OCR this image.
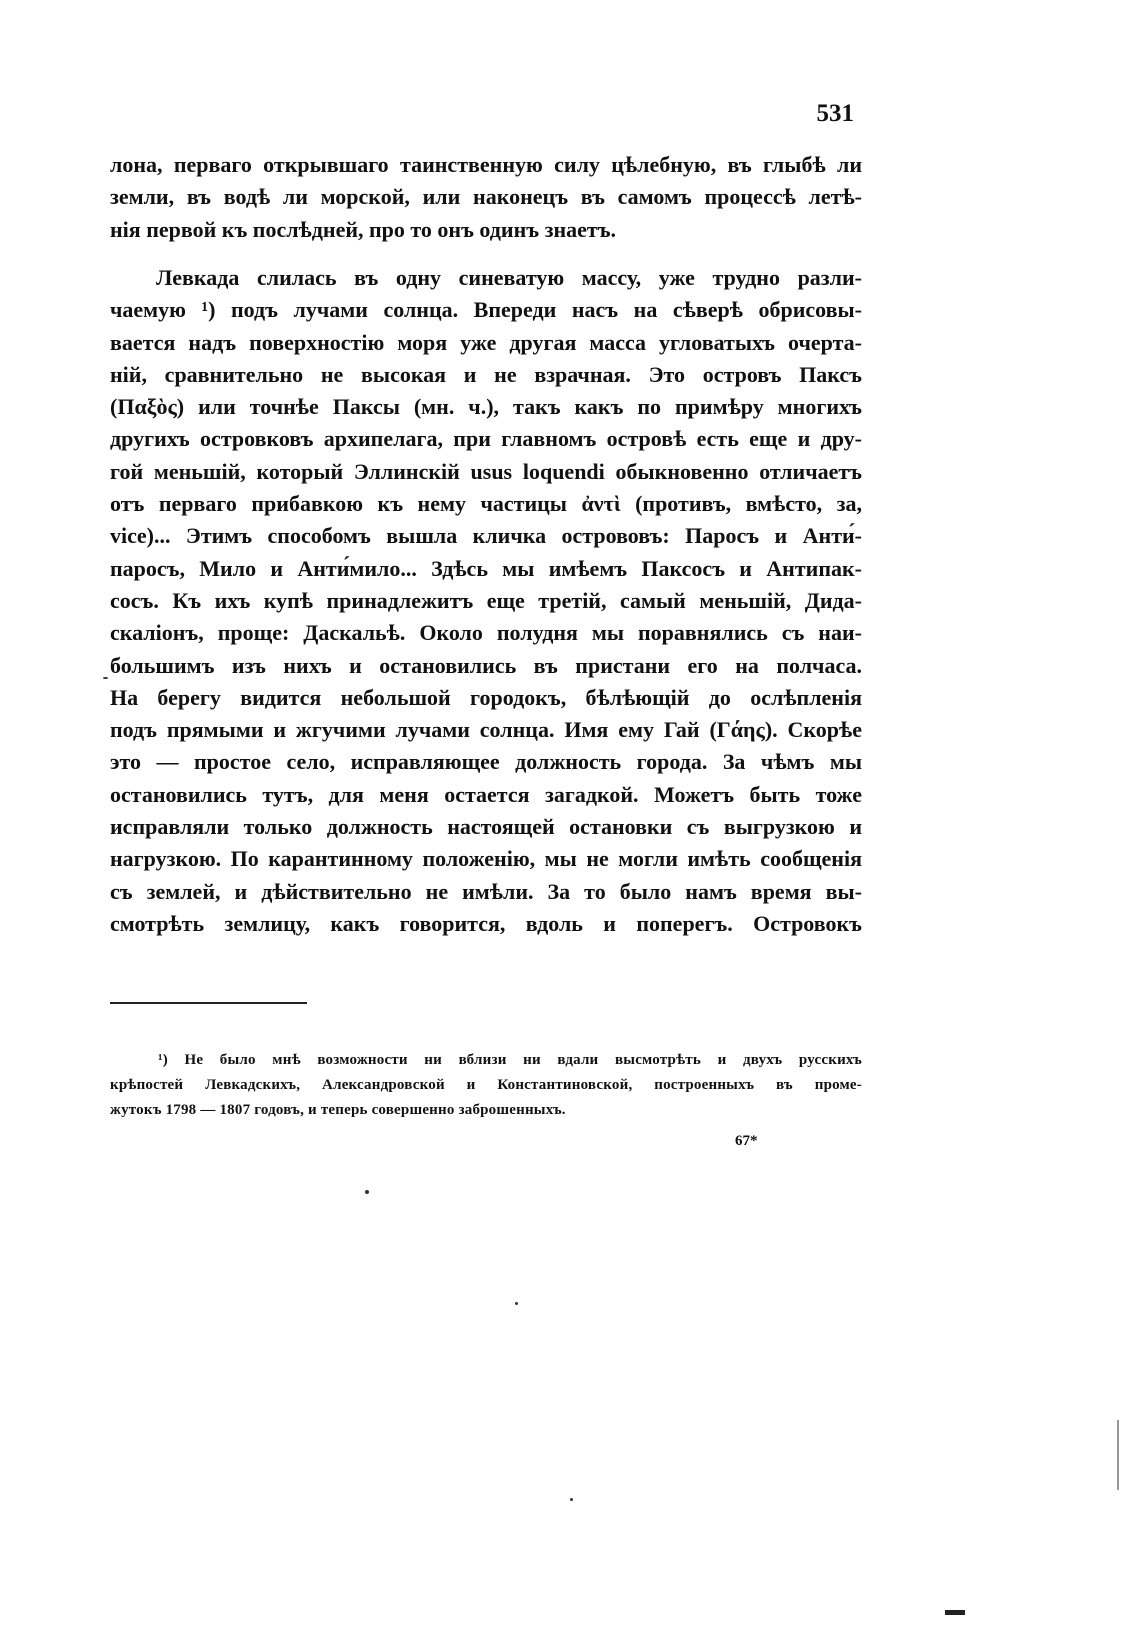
531
лона, перваго открывшаго таинственную силу цѣлебную, въ глыбѣ ли
земли, въ водѣ ли морской, или наконецъ въ самомъ процессѣ летѣ-
нія первой къ послѣдней, про то онъ одинъ знаетъ.
Левкада слилась въ одну синеватую массу, уже трудно разли-
чаемую ¹) подъ лучами солнца. Впереди насъ на сѣверѣ обрисовы-
вается надъ поверхностію моря уже другая масса угловатыхъ очерта-
ній, сравнительно не высокая и не взрачная. Это островъ Паксъ
(Παξὸς) или точнѣе Паксы (мн. ч.), такъ какъ по примѣру многихъ
другихъ островковъ архипелага, при главномъ островѣ есть еще и дру-
гой меньшій, который Эллинскій usus loquendi обыкновенно отличаетъ
отъ перваго прибавкою къ нему частицы ἀντὶ (противъ, вмѣсто, за,
vice)... Этимъ способомъ вышла кличка острововъ: Паросъ и Анти́-
паросъ, Мило и Анти́мило... Здѣсь мы имѣемъ Паксосъ и Антипак-
сосъ. Къ ихъ купѣ принадлежитъ еще третій, самый меньшій, Дида-
скаліонъ, проще: Даскальѣ. Около полудня мы поравнялись съ наи-
большимъ изъ нихъ и остановились въ пристани его на полчаса.
На берегу видится небольшой городокъ, бѣлѣющій до ослѣпленія
подъ прямыми и жгучими лучами солнца. Имя ему Гай (Γάης). Скорѣе
это — простое село, исправляющее должность города. За чѣмъ мы
остановились тутъ, для меня остается загадкой. Можетъ быть тоже
исправляли только должность настоящей остановки съ выгрузкою и
нагрузкою. По карантинному положенію, мы не могли имѣть сообщенія
съ землей, и дѣйствительно не имѣли. За то было намъ время вы-
смотрѣть землицу, какъ говорится, вдоль и поперегъ. Островокъ
¹) Не было мнѣ возможности ни вблизи ни вдали высмотрѣть и двухъ русскихъ
крѣпостей Левкадскихъ, Александровской и Константиновской, построенныхъ въ проме-
жутокъ 1798 — 1807 годовъ, и теперь совершенно заброшенныхъ.
67*
